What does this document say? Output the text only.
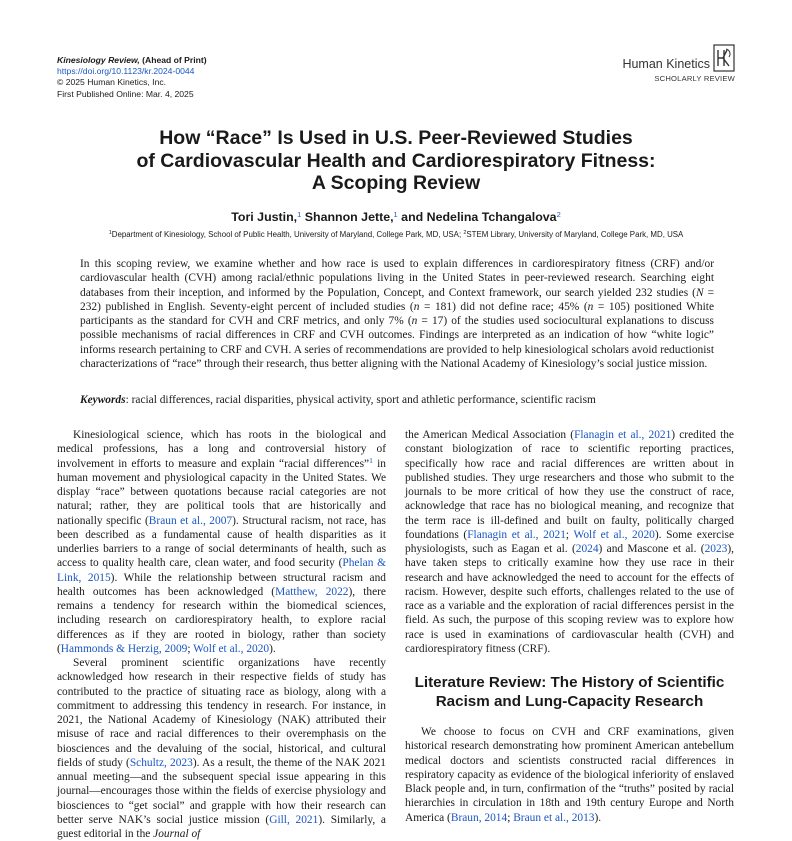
Kinesiology Review, (Ahead of Print)
https://doi.org/10.1123/kr.2024-0044
© 2025 Human Kinetics, Inc.
First Published Online: Mar. 4, 2025
Human Kinetics
SCHOLARLY REVIEW
How “Race” Is Used in U.S. Peer-Reviewed Studies
of Cardiovascular Health and Cardiorespiratory Fitness:
A Scoping Review
Tori Justin,$^1$ Shannon Jette,$^1$ and Nedelina Tchangalova$^2$
$^1$Department of Kinesiology, School of Public Health, University of Maryland, College Park, MD, USA; $^2$STEM Library, University of Maryland, College Park, MD, USA
In this scoping review, we examine whether and how race is used to explain differences in cardiorespiratory fitness (CRF) and/or cardiovascular health (CVH) among racial/ethnic populations living in the United States in peer-reviewed research. Searching eight databases from their inception, and informed by the Population, Concept, and Context framework, our search yielded 232 studies (N = 232) published in English. Seventy-eight percent of included studies (n = 181) did not define race; 45% (n = 105) positioned White participants as the standard for CVH and CRF metrics, and only 7% (n = 17) of the studies used sociocultural explanations to discuss possible mechanisms of racial differences in CRF and CVH outcomes. Findings are interpreted as an indication of how “white logic” informs research pertaining to CRF and CVH. A series of recommendations are provided to help kinesiological scholars avoid reductionist characterizations of “race” through their research, thus better aligning with the National Academy of Kinesiology’s social justice mission.
Keywords: racial differences, racial disparities, physical activity, sport and athletic performance, scientific racism

Kinesiological science, which has roots in the biological and medical professions, has a long and controversial history of involvement in efforts to measure and explain “racial differences”$^1$ in human movement and physiological capacity in the United States. We display “race” between quotations because racial categories are not natural; rather, they are political tools that are historically and nationally specific (Braun et al., 2007). Structural racism, not race, has been described as a fundamental cause of health disparities as it underlies barriers to a range of social determinants of health, such as access to quality health care, clean water, and food security (Phelan & Link, 2015). While the relationship between structural racism and health outcomes has been acknowledged (Matthew, 2022), there remains a tendency for research within the biomedical sciences, including research on cardiorespiratory health, to explore racial differences as if they are rooted in biology, rather than society (Hammonds & Herzig, 2009; Wolf et al., 2020).

Several prominent scientific organizations have recently acknowledged how research in their respective fields of study has contributed to the practice of situating race as biology, along with a commitment to addressing this tendency in research. For instance, in 2021, the National Academy of Kinesiology (NAK) attributed their misuse of race and racial differences to their overemphasis on the biosciences and the devaluing of the social, historical, and cultural fields of study (Schultz, 2023). As a result, the theme of the NAK 2021 annual meeting—and the subsequent special issue appearing in this journal—encourages those within the fields of exercise physiology and biosciences to “get social” and grapple with how their research can better serve NAK’s social justice mission (Gill, 2021). Similarly, a guest editorial in the Journal of

the American Medical Association (Flanagin et al., 2021) credited the constant biologization of race to scientific reporting practices, specifically how race and racial differences are written about in published studies. They urge researchers and those who submit to the journals to be more critical of how they use the construct of race, acknowledge that race has no biological meaning, and recognize that the term race is ill-defined and built on faulty, politically charged foundations (Flanagin et al., 2021; Wolf et al., 2020). Some exercise physiologists, such as Eagan et al. (2024) and Mascone et al. (2023), have taken steps to critically examine how they use race in their research and have acknowledged the need to account for the effects of racism. However, despite such efforts, challenges related to the use of race as a variable and the exploration of racial differences persist in the field. As such, the purpose of this scoping review was to explore how race is used in examinations of cardiovascular health (CVH) and cardiorespiratory fitness (CRF).

Literature Review: The History of Scientific Racism and Lung-Capacity Research

We choose to focus on CVH and CRF examinations, given historical research demonstrating how prominent American antebellum medical doctors and scientists constructed racial differences in respiratory capacity as evidence of the biological inferiority of enslaved Black people and, in turn, confirmation of the “truths” posited by racial hierarchies in circulation in 18th and 19th century Europe and North America (Braun, 2014; Braun et al., 2013).
